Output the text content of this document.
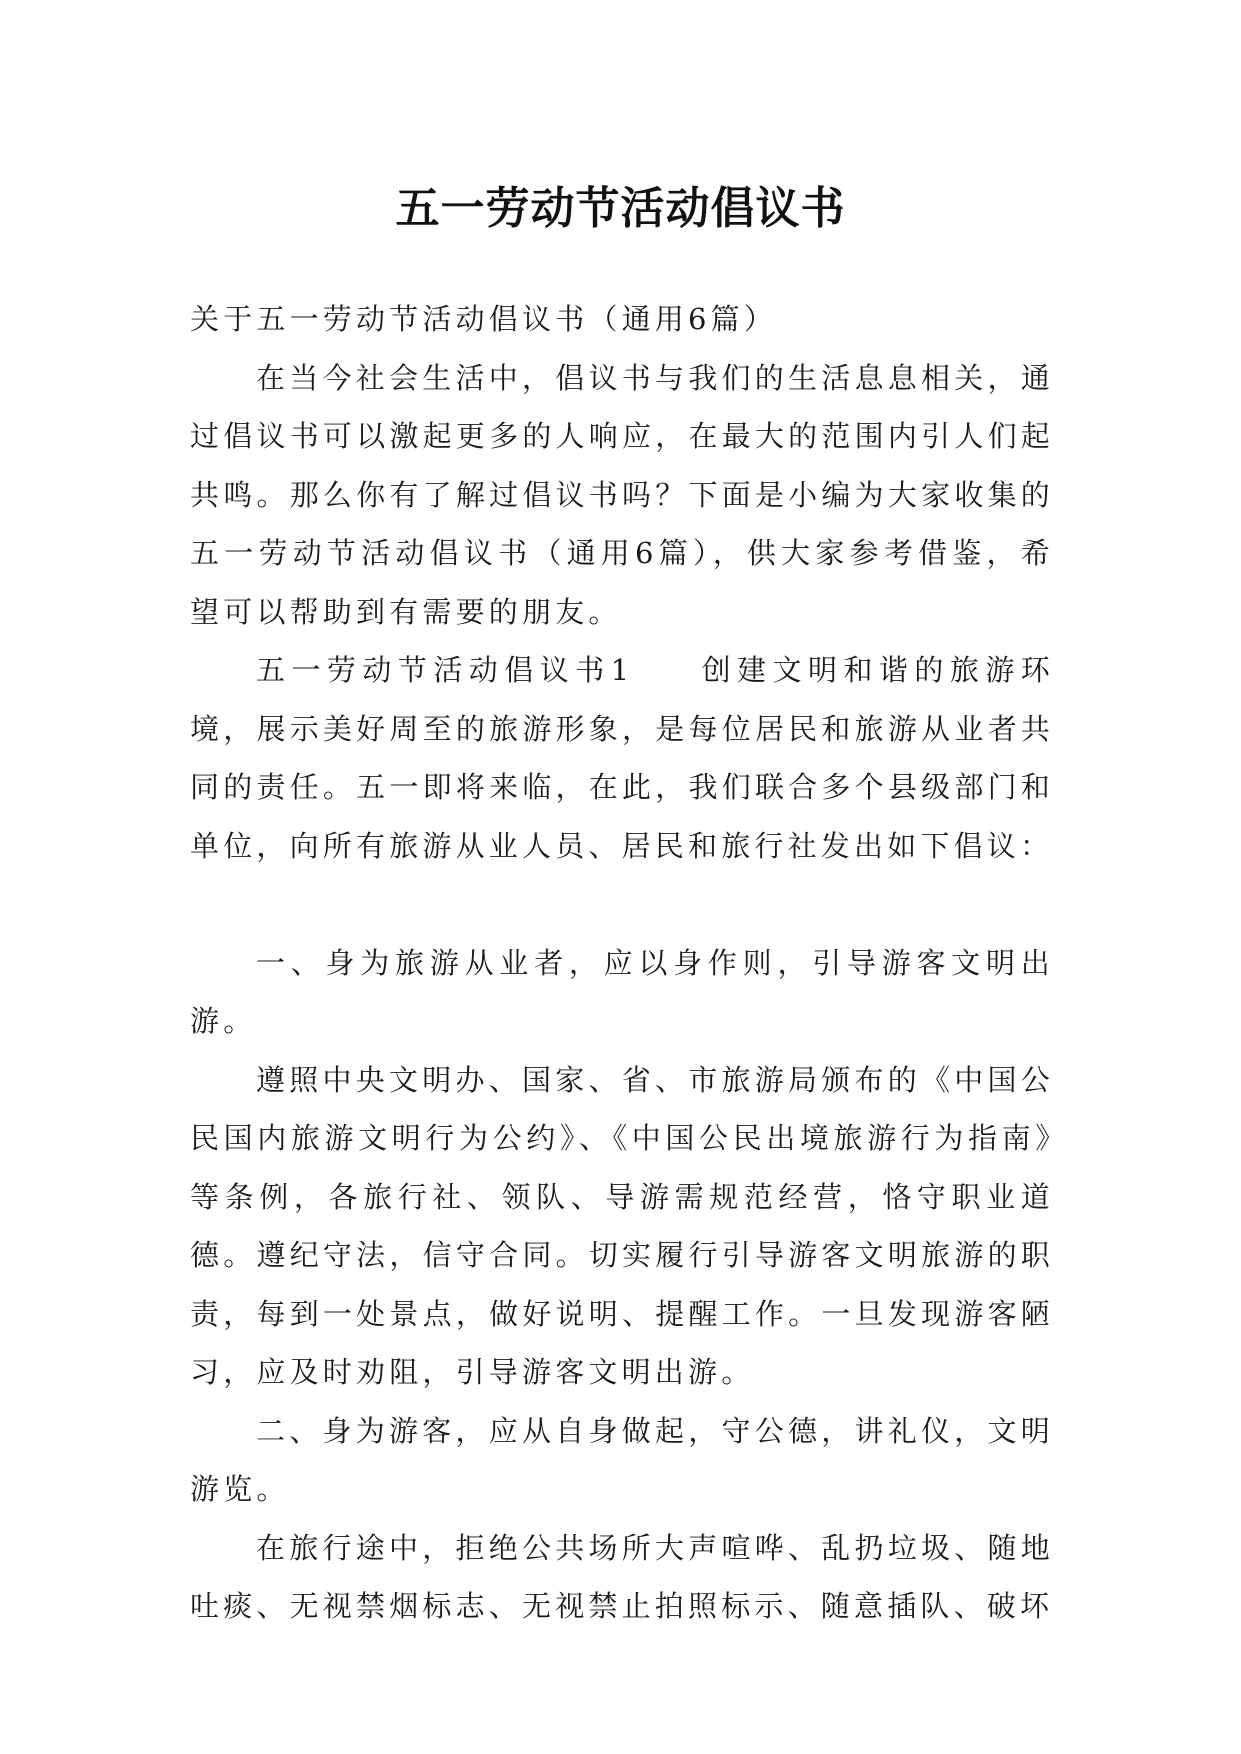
五一劳动节活动倡议书

关于五一劳动节活动倡议书（通用6篇）

在当今社会生活中，倡议书与我们的生活息息相关，通过倡议书可以激起更多的人响应，在最大的范围内引人们起共鸣。那么你有了解过倡议书吗？下面是小编为大家收集的五一劳动节活动倡议书（通用6篇），供大家参考借鉴，希望可以帮助到有需要的朋友。

五一劳动节活动倡议书1 创建文明和谐的旅游环境，展示美好周至的旅游形象，是每位居民和旅游从业者共同的责任。五一即将来临，在此，我们联合多个县级部门和单位，向所有旅游从业人员、居民和旅行社发出如下倡议：

一、身为旅游从业者，应以身作则，引导游客文明出游。

遵照中央文明办、国家、省、市旅游局颁布的《中国公民国内旅游文明行为公约》、《中国公民出境旅游行为指南》等条例，各旅行社、领队、导游需规范经营，恪守职业道德。遵纪守法，信守合同。切实履行引导游客文明旅游的职责，每到一处景点，做好说明、提醒工作。一旦发现游客陋习，应及时劝阻，引导游客文明出游。

二、身为游客，应从自身做起，守公德，讲礼仪，文明游览。

在旅行途中，拒绝公共场所大声喧哗、乱扔垃圾、随地吐痰、无视禁烟标志、无视禁止拍照标示、随意插队、破坏
